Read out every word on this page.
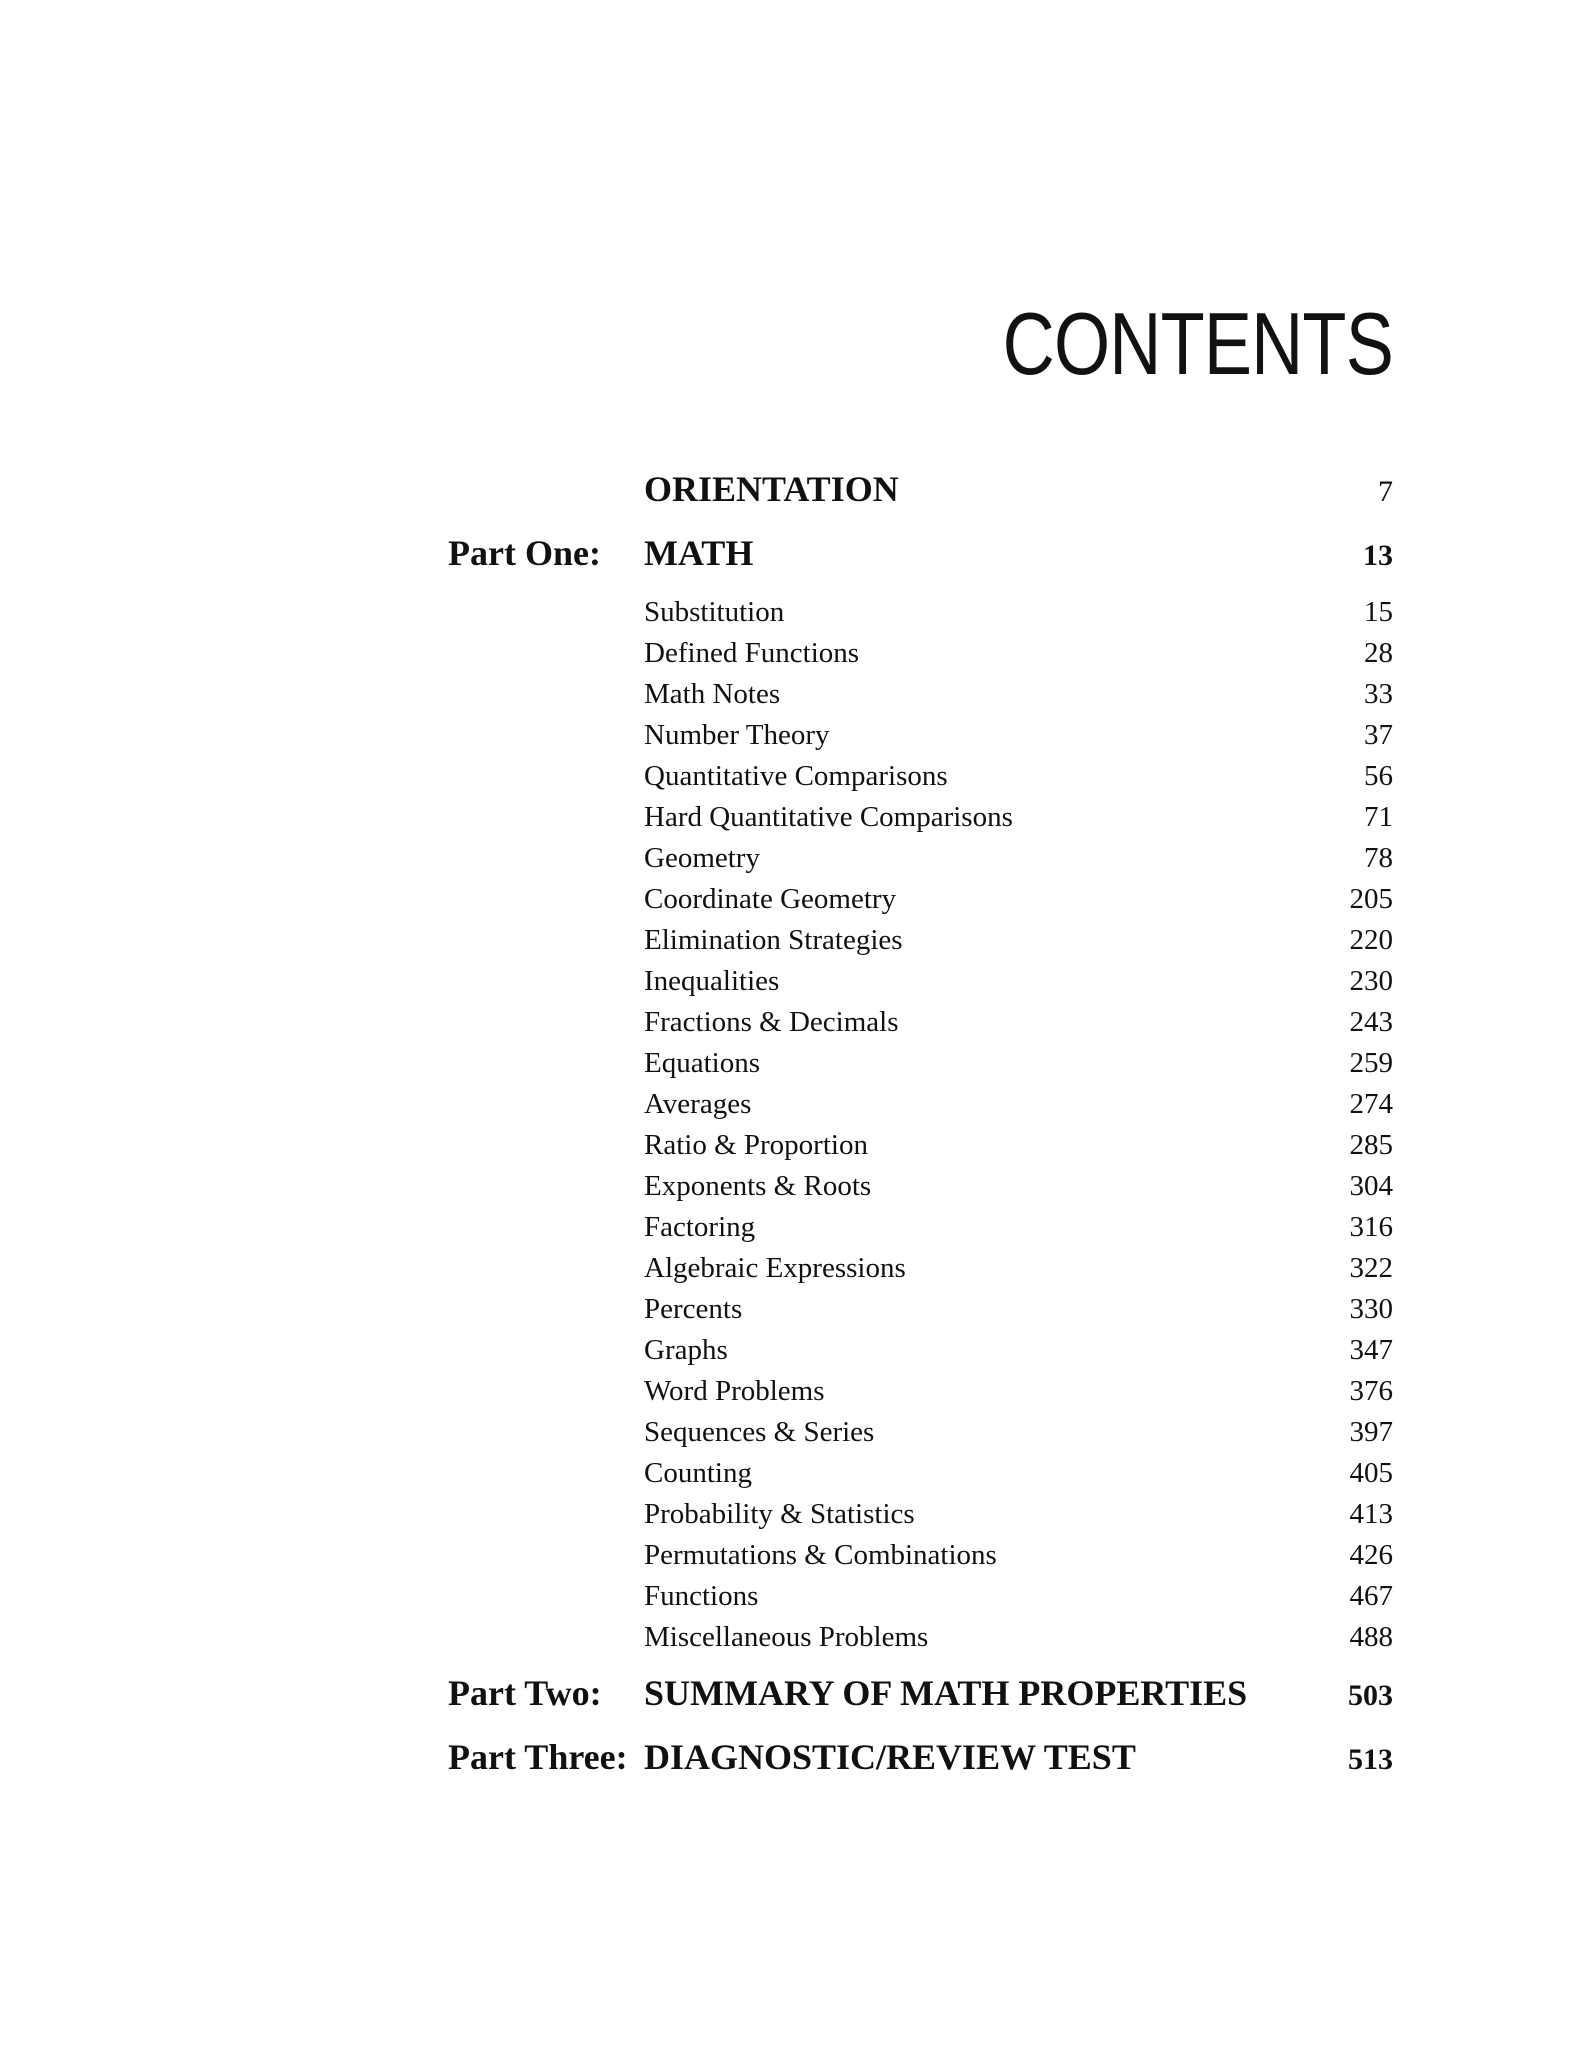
CONTENTS
ORIENTATION	7
Part One:	MATH	13
Substitution	15
Defined Functions	28
Math Notes	33
Number Theory	37
Quantitative Comparisons	56
Hard Quantitative Comparisons	71
Geometry	78
Coordinate Geometry	205
Elimination Strategies	220
Inequalities	230
Fractions & Decimals	243
Equations	259
Averages	274
Ratio & Proportion	285
Exponents & Roots	304
Factoring	316
Algebraic Expressions	322
Percents	330
Graphs	347
Word Problems	376
Sequences & Series	397
Counting	405
Probability & Statistics	413
Permutations & Combinations	426
Functions	467
Miscellaneous Problems	488
Part Two:	SUMMARY OF MATH PROPERTIES	503
Part Three: DIAGNOSTIC/REVIEW TEST	513
